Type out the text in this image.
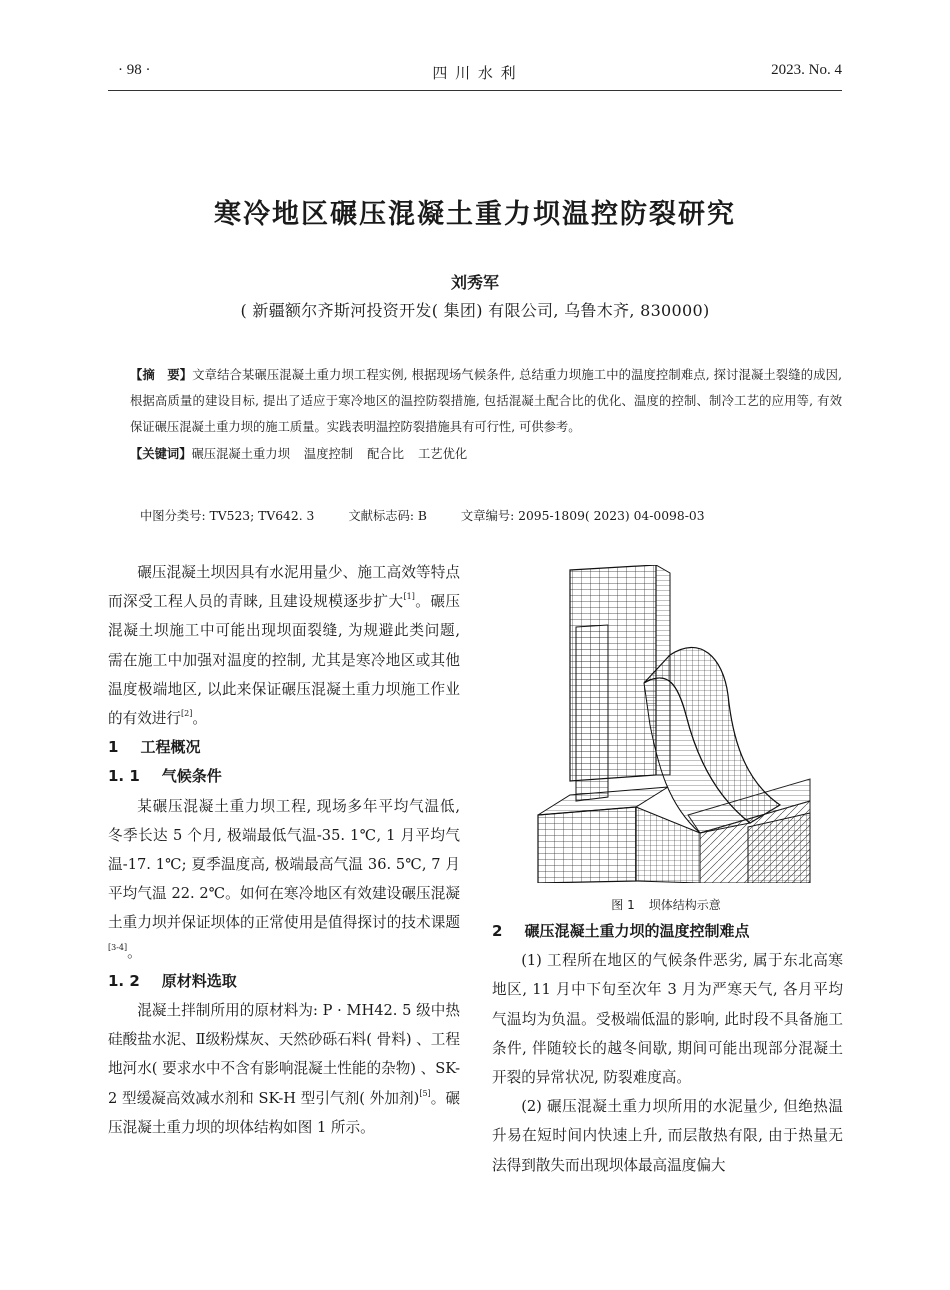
· 98 ·	四 川 水 利	2023. No. 4
寒冷地区碾压混凝土重力坝温控防裂研究
刘秀军
( 新疆额尔齐斯河投资开发( 集团) 有限公司, 乌鲁木齐, 830000)
【摘　要】文章结合某碾压混凝土重力坝工程实例, 根据现场气候条件, 总结重力坝施工中的温度控制难点, 探讨混凝土裂缝的成因, 根据高质量的建设目标, 提出了适应于寒冷地区的温控防裂措施, 包括混凝土配合比的优化、温度的控制、制冷工艺的应用等, 有效保证碾压混凝土重力坝的施工质量。实践表明温控防裂措施具有可行性, 可供参考。
【关键词】碾压混凝土重力坝 温度控制 配合比 工艺优化
中图分类号: TV523; TV642. 3	文献标志码: B	文章编号: 2095-1809( 2023) 04-0098-03

碾压混凝土坝因具有水泥用量少、施工高效等特点而深受工程人员的青睐, 且建设规模逐步扩大[1]。碾压混凝土坝施工中可能出现坝面裂缝, 为规避此类问题, 需在施工中加强对温度的控制, 尤其是寒冷地区或其他温度极端地区, 以此来保证碾压混凝土重力坝施工作业的有效进行[2]。

1 工程概况
1. 1 气候条件

某碾压混凝土重力坝工程, 现场多年平均气温低, 冬季长达 5 个月, 极端最低气温-35. 1℃, 1 月平均气温-17. 1℃; 夏季温度高, 极端最高气温 36. 5℃, 7 月平均气温 22. 2℃。如何在寒冷地区有效建设碾压混凝土重力坝并保证坝体的正常使用是值得探讨的技术课题[3-4]。

1. 2 原材料选取

混凝土拌制所用的原材料为: P · MH42. 5 级中热硅酸盐水泥、Ⅱ级粉煤灰、天然砂砾石料( 骨料) 、工程地河水( 要求水中不含有影响混凝土性能的杂物) 、SK-2 型缓凝高效减水剂和 SK-H 型引气剂( 外加剂)[5]。碾压混凝土重力坝的坝体结构如图 1 所示。

图 1 坝体结构示意
2 碾压混凝土重力坝的温度控制难点

(1) 工程所在地区的气候条件恶劣, 属于东北高寒地区, 11 月中下旬至次年 3 月为严寒天气, 各月平均气温均为负温。受极端低温的影响, 此时段不具备施工条件, 伴随较长的越冬间歇, 期间可能出现部分混凝土开裂的异常状况, 防裂难度高。

(2) 碾压混凝土重力坝所用的水泥量少, 但绝热温升易在短时间内快速上升, 而层散热有限, 由于热量无法得到散失而出现坝体最高温度偏大
